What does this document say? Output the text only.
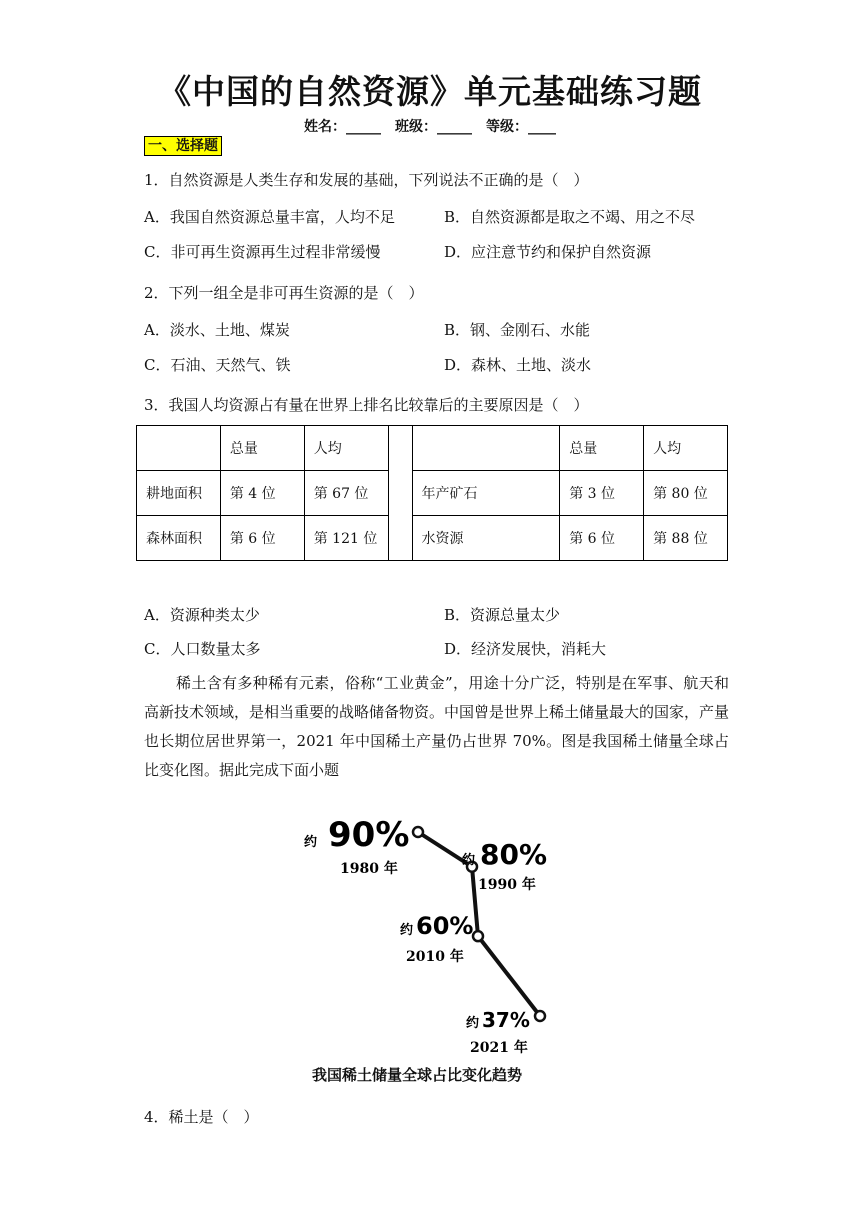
《中国的自然资源》单元基础练习题
姓名：_____　班级：_____　等级：____
一、选择题
1．自然资源是人类生存和发展的基础，下列说法不正确的是（　）
A．我国自然资源总量丰富，人均不足	B．自然资源都是取之不竭、用之不尽
C．非可再生资源再生过程非常缓慢	D．应注意节约和保护自然资源
2．下列一组全是非可再生资源的是（　）
A．淡水、土地、煤炭	B．钢、金刚石、水能
C．石油、天然气、铁	D．森林、土地、淡水
3．我国人均资源占有量在世界上排名比较靠后的主要原因是（　）
	总量	人均			总量	人均
耕地面积	第 4 位	第 67 位		年产矿石	第 3 位	第 80 位
森林面积	第 6 位	第 121 位		水资源	第 6 位	第 88 位
A．资源种类太少	B．资源总量太少
C．人口数量太多	D．经济发展快，消耗大
稀土含有多种稀有元素，俗称“工业黄金”，用途十分广泛，特别是在军事、航天和高新技术领域，是相当重要的战略储备物资。中国曾是世界上稀土储量最大的国家，产量也长期位居世界第一，2021 年中国稀土产量仍占世界 70%。图是我国稀土储量全球占比变化图。据此完成下面小题
约 90%
1980 年
约 80%
1990 年
约 60%
2010 年
约 37%
2021 年
我国稀土储量全球占比变化趋势
4．稀土是（　）
